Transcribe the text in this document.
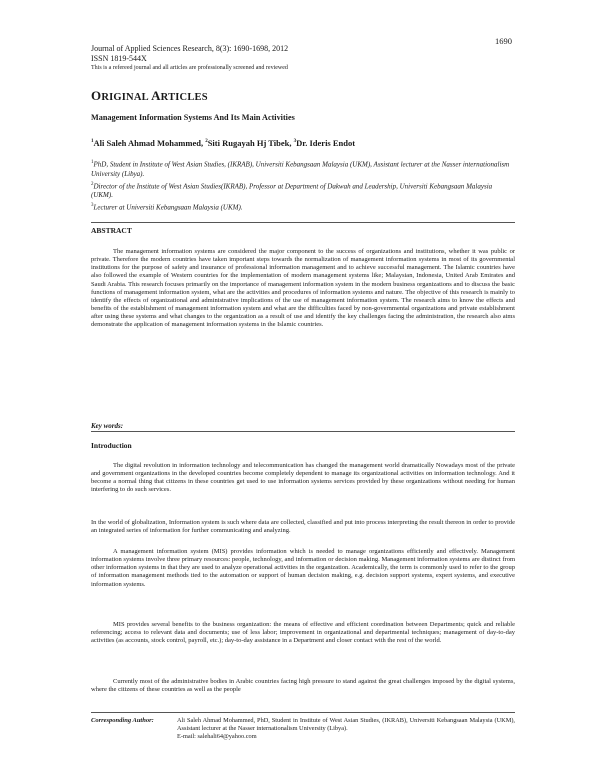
1690
Journal of Applied Sciences Research, 8(3): 1690-1698, 2012
ISSN 1819-544X
This is a refereed journal and all articles are professionally screened and reviewed
ORIGINAL ARTICLES
Management Information Systems And Its Main Activities
$^1$Ali Saleh Ahmad Mohammed, $^2$Siti Rugayah Hj Tibek, $^3$Dr. Ideris Endot

$^1$PhD, Student in Institute of West Asian Studies, (IKRAB), Universiti Kebangsaan Malaysia (UKM), Assistant lecturer at the Nasser internationalism University (Libya).

$^2$Director of the Institute of West Asian Studies(IKRAB), Professor at Department of Dakwah and Leadership, Universiti Kebangsaan Malaysia (UKM).

$^3$Lecturer at Universiti Kebangsaan Malaysia (UKM).

ABSTRACT

The management information systems are considered the major component to the success of organizations and institutions, whether it was public or private. Therefore the modern countries have taken important steps towards the normalization of management information systems in most of its governmental institutions for the purpose of safety and insurance of professional information management and to achieve successful management. The Islamic countries have also followed the example of Western countries for the implementation of modern management systems like; Malaysian, Indonesia, United Arab Emirates and Saudi Arabia. This research focuses primarily on the importance of management information system in the modern business organizations and to discuss the basic functions of management information system, what are the activities and procedures of information systems and nature. The objective of this research is mainly to identify the effects of organizational and administrative implications of the use of management information system. The research aims to know the effects and benefits of the establishment of management information system and what are the difficulties faced by non-governmental organizations and private establishment after using these systems and what changes to the organization as a result of use and identify the key challenges facing the administration, the research also aims demonstrate the application of management information systems in the Islamic countries.

Key words:
Introduction

The digital revolution in information technology and telecommunication has changed the management world dramatically Nowadays most of the private and government organizations in the developed countries become completely dependent to manage its organizational activities on information technology. And it become a normal thing that citizens in these countries get used to use information systems services provided by these organizations without needing for human interfering to do such services.

In the world of globalization, Information system is such where data are collected, classified and put into process interpreting the result thereon in order to provide an integrated series of information for further communicating and analyzing.

A management information system (MIS) provides information which is needed to manage organizations efficiently and effectively. Management information systems involve three primary resources: people, technology, and information or decision making. Management information systems are distinct from other information systems in that they are used to analyze operational activities in the organization. Academically, the term is commonly used to refer to the group of information management methods tied to the automation or support of human decision making, e.g. decision support systems, expert systems, and executive information systems.

MIS provides several benefits to the business organization: the means of effective and efficient coordination between Departments; quick and reliable referencing; access to relevant data and documents; use of less labor; improvement in organizational and departmental techniques; management of day-to-day activities (as accounts, stock control, payroll, etc.); day-to-day assistance in a Department and closer contact with the rest of the world.

Currently most of the administrative bodies in Arabic countries facing high pressure to stand against the great challenges imposed by the digital systems, where the citizens of these countries as well as the people

Corresponding Author:	Ali Saleh Ahmad Mohammed, PhD, Student in Institute of West Asian Studies, (IKRAB), Universiti Kebangsaan Malaysia (UKM), Assistant lecturer at the Nasser internationalism University (Libya).

E-mail: salehali64@yahoo.com
